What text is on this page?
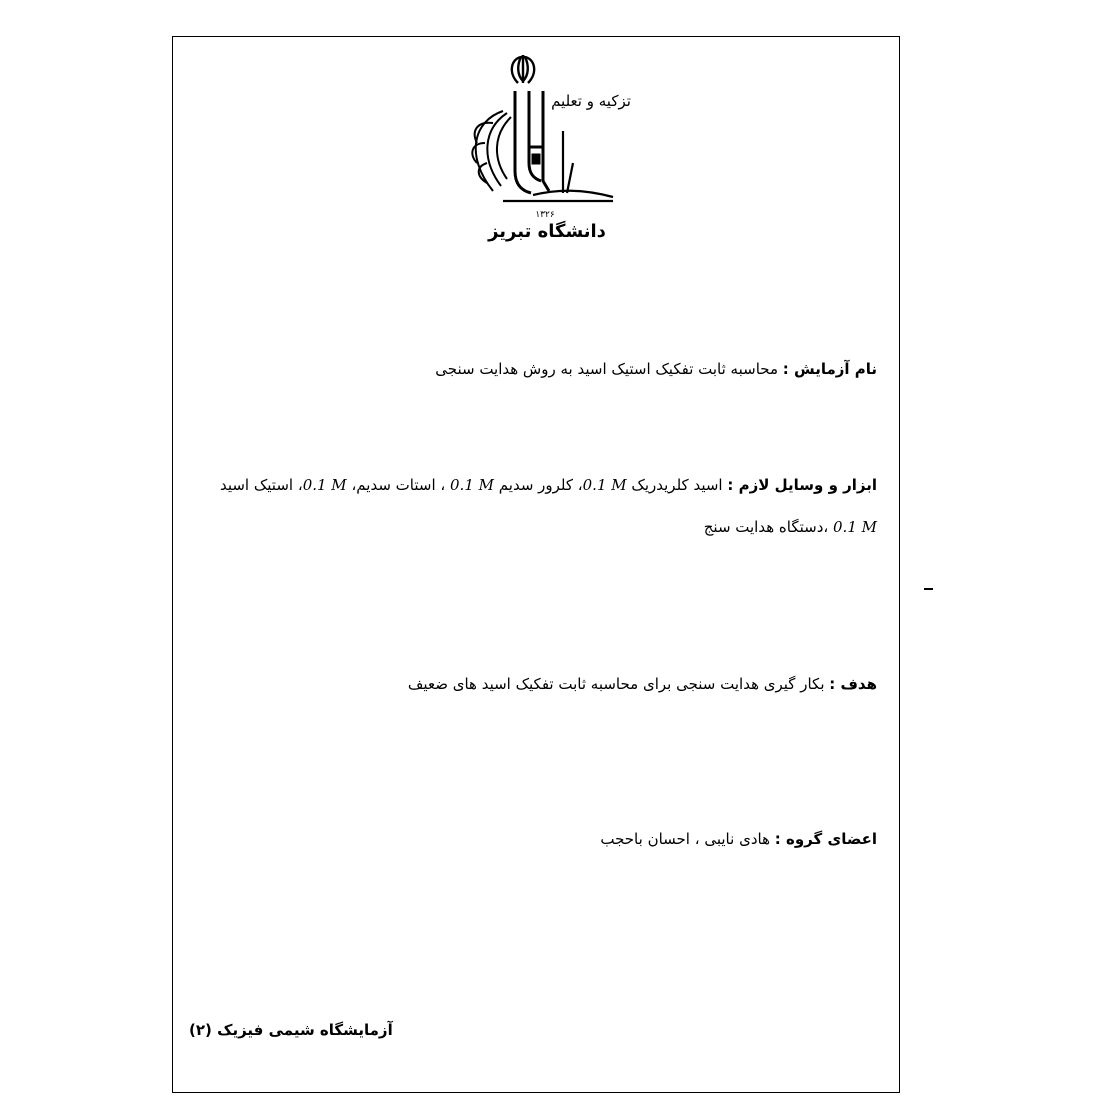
تزکیه و تعلیم
۱۳۲۶
دانشگاه تبریز
نام آزمایش : محاسبه ثابت تفکیک استیک اسید به روش هدایت سنجی
ابزار و وسایل لازم : اسید کلریدریک 0.1 M، کلرور سدیم 0.1 M ، استات سدیم، 0.1 M، استیک اسید
0.1 M ،دستگاه هدایت سنج
هدف : بکار گیری هدایت سنجی برای محاسبه ثابت تفکیک اسید های ضعیف
اعضای گروه : هادی نایبی ، احسان باحجب
آزمایشگاه شیمی فیزیک (۲)
